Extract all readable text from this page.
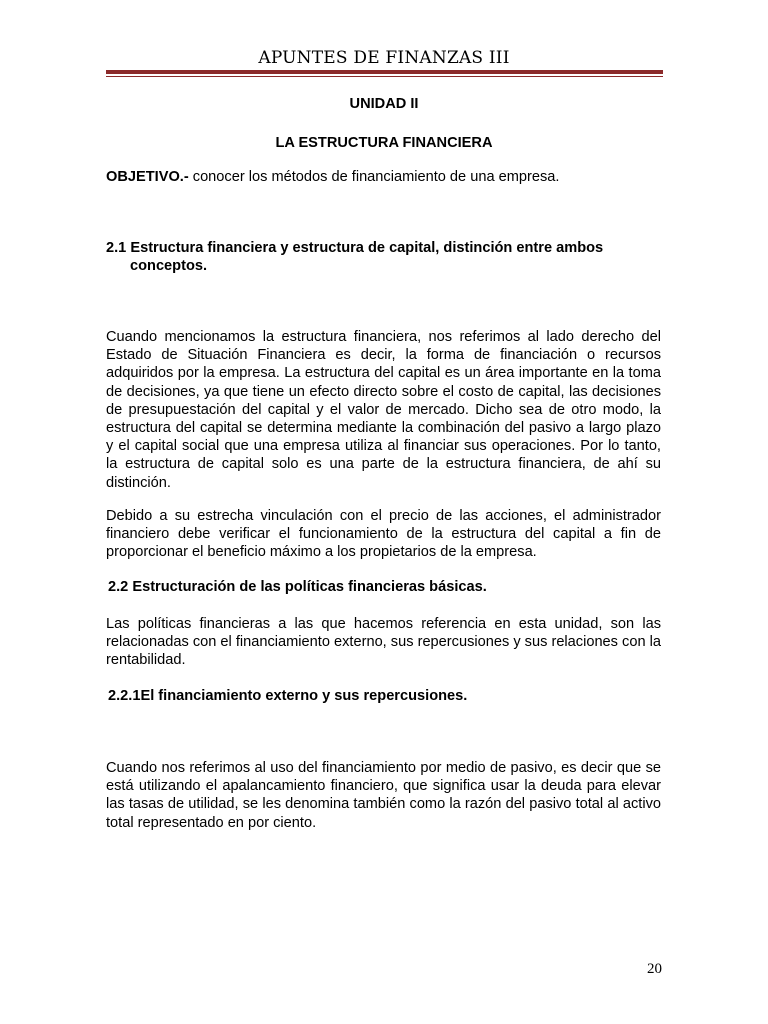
APUNTES DE FINANZAS III
UNIDAD II
LA ESTRUCTURA FINANCIERA
OBJETIVO.- conocer los métodos de financiamiento de una empresa.
2.1 Estructura financiera y estructura de capital, distinción entre ambos
conceptos.
Cuando mencionamos la estructura financiera, nos referimos al lado derecho del Estado de Situación Financiera es decir, la forma de financiación o recursos adquiridos por la empresa. La estructura del capital es un área importante en la toma de decisiones, ya que tiene un efecto directo sobre el costo de capital, las decisiones de presupuestación del capital y el valor de mercado. Dicho sea de otro modo, la estructura del capital se determina mediante la combinación del pasivo a largo plazo y el capital social que una empresa utiliza al financiar sus operaciones. Por lo tanto, la estructura de capital solo es una parte de la estructura financiera, de ahí su distinción.
Debido a su estrecha vinculación con el precio de las acciones, el administrador financiero debe verificar el funcionamiento de la estructura del capital a fin de proporcionar el beneficio máximo a los propietarios de la empresa.
2.2 Estructuración de las políticas financieras básicas.
Las políticas financieras a las que hacemos referencia en esta unidad, son las relacionadas con el financiamiento externo, sus repercusiones y sus relaciones con la rentabilidad.
2.2.1El financiamiento externo y sus repercusiones.
Cuando nos referimos al uso del financiamiento por medio de pasivo, es decir que se está utilizando el apalancamiento financiero, que significa usar la deuda para elevar las tasas de utilidad, se les denomina también como la razón del pasivo total al activo total representado en por ciento.
20
